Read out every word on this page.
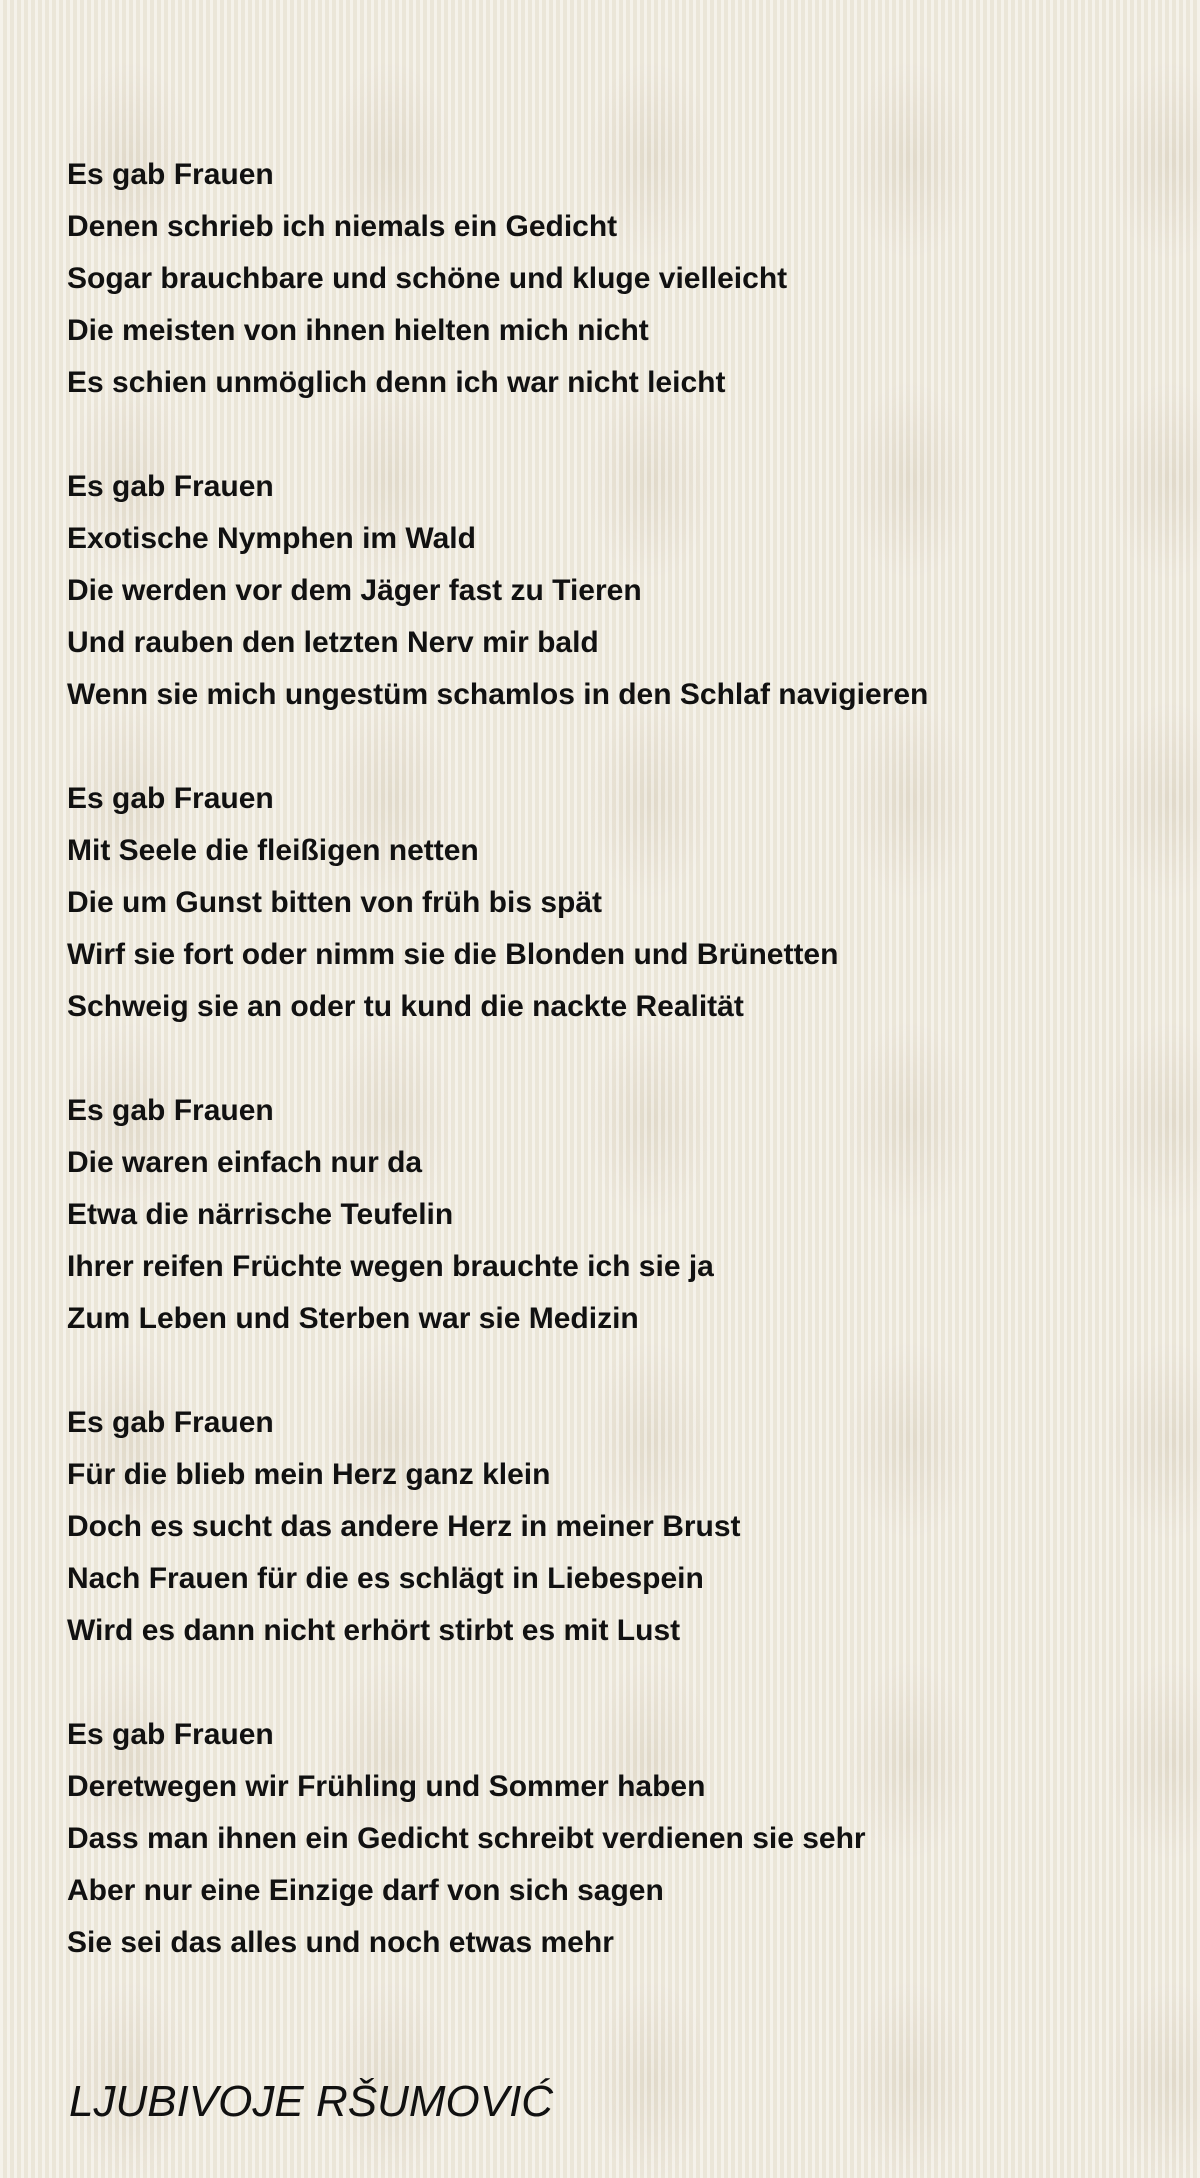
Es gab Frauen
Denen schrieb ich niemals ein Gedicht
Sogar brauchbare und schöne und kluge vielleicht
Die meisten von ihnen hielten mich nicht
Es schien unmöglich denn ich war nicht leicht
Es gab Frauen
Exotische Nymphen im Wald
Die werden vor dem Jäger fast zu Tieren
Und rauben den letzten Nerv mir bald
Wenn sie mich ungestüm schamlos in den Schlaf navigieren
Es gab Frauen
Mit Seele die fleißigen netten
Die um Gunst bitten von früh bis spät
Wirf sie fort oder nimm sie die Blonden und Brünetten
Schweig sie an oder tu kund die nackte Realität
Es gab Frauen
Die waren einfach nur da
Etwa die närrische Teufelin
Ihrer reifen Früchte wegen brauchte ich sie ja
Zum Leben und Sterben war sie Medizin
Es gab Frauen
Für die blieb mein Herz ganz klein
Doch es sucht das andere Herz in meiner Brust
Nach Frauen für die es schlägt in Liebespein
Wird es dann nicht erhört stirbt es mit Lust
Es gab Frauen
Deretwegen wir Frühling und Sommer haben
Dass man ihnen ein Gedicht schreibt verdienen sie sehr
Aber nur eine Einzige darf von sich sagen
Sie sei das alles und noch etwas mehr
LJUBIVOJE RŠUMOVIĆ
